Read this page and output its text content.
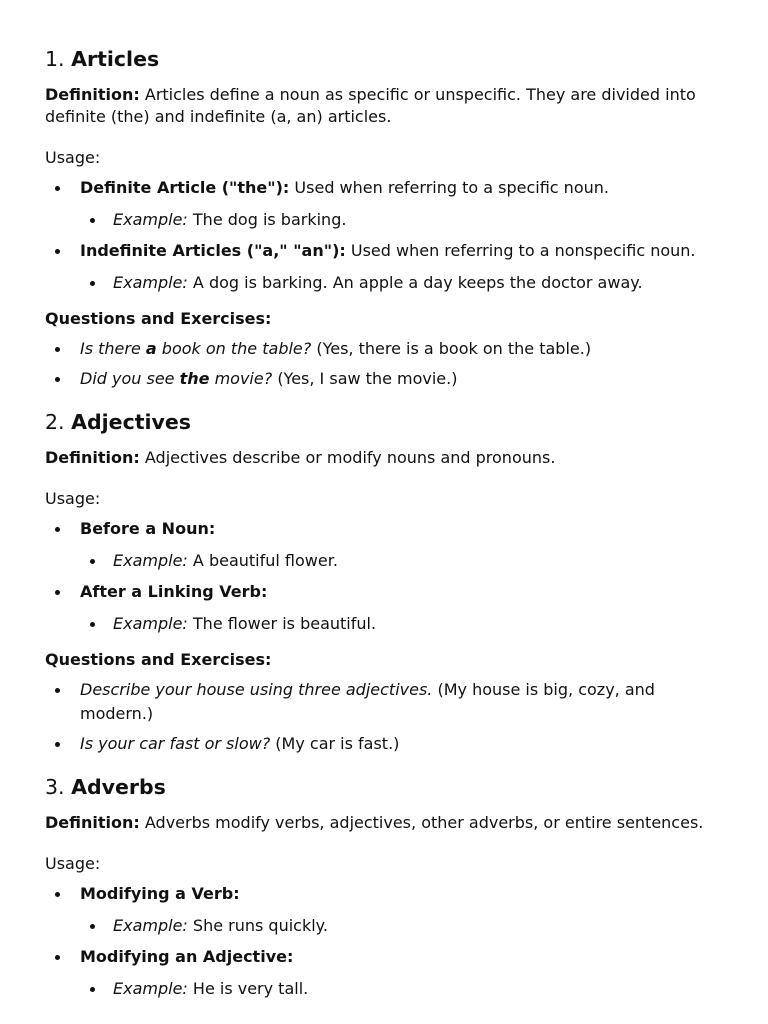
1. Articles

Definition: Articles define a noun as specific or unspecific. They are divided into definite (the) and indefinite (a, an) articles.

Usage:

Definite Article ("the"): Used when referring to a specific noun.
Example: The dog is barking.
Indefinite Articles ("a," "an"): Used when referring to a nonspecific noun.
Example: A dog is barking. An apple a day keeps the doctor away.

Questions and Exercises:

Is there a book on the table? (Yes, there is a book on the table.)
Did you see the movie? (Yes, I saw the movie.)
2. Adjectives

Definition: Adjectives describe or modify nouns and pronouns.

Usage:

Before a Noun:
Example: A beautiful flower.
After a Linking Verb:
Example: The flower is beautiful.

Questions and Exercises:

Describe your house using three adjectives. (My house is big, cozy, and modern.)
Is your car fast or slow? (My car is fast.)
3. Adverbs

Definition: Adverbs modify verbs, adjectives, other adverbs, or entire sentences.

Usage:

Modifying a Verb:
Example: She runs quickly.
Modifying an Adjective:
Example: He is very tall.
